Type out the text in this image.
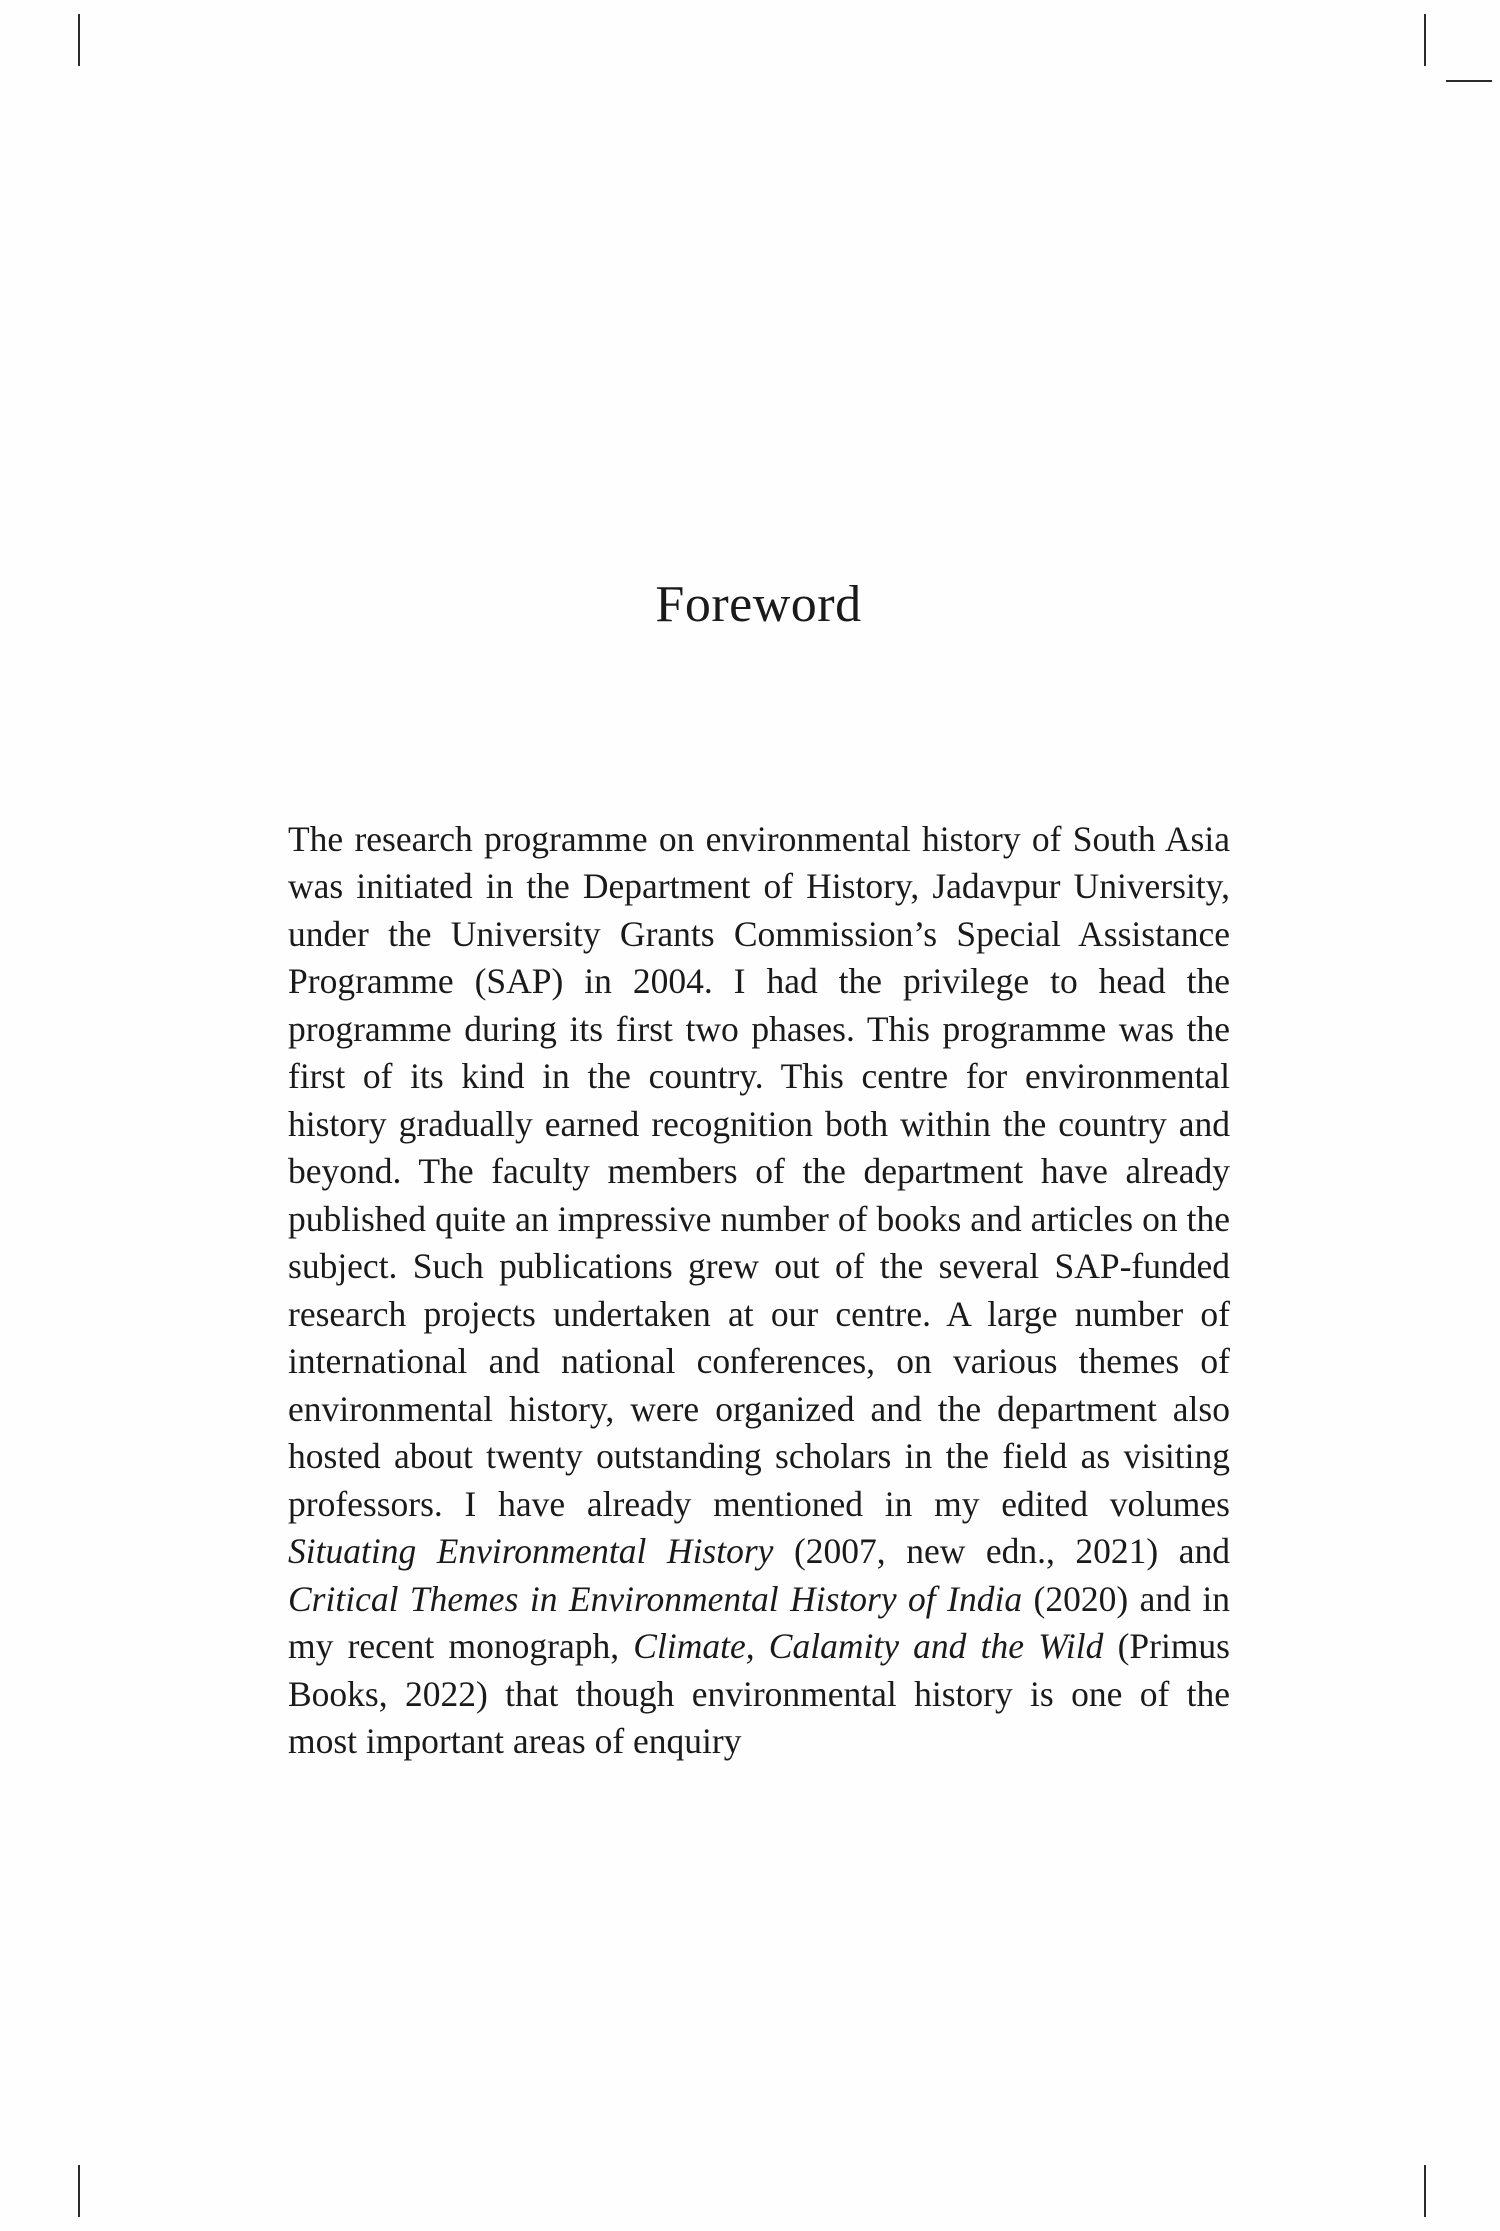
Foreword

The research programme on environmental history of South Asia was initiated in the Department of History, Jadavpur University, under the University Grants Commission’s Special Assistance Programme (SAP) in 2004. I had the privilege to head the programme during its first two phases. This programme was the first of its kind in the country. This centre for environmental history gradually earned recognition both within the country and beyond. The faculty members of the department have already published quite an impressive number of books and articles on the subject. Such publications grew out of the several SAP-funded research projects undertaken at our centre. A large number of international and national conferences, on various themes of environmental history, were organized and the department also hosted about twenty outstanding scholars in the field as visiting professors. I have already mentioned in my edited volumes Situating Environmental History (2007, new edn., 2021) and Critical Themes in Environmental History of India (2020) and in my recent monograph, Climate, Calamity and the Wild (Primus Books, 2022) that though environmental history is one of the most important areas of enquiry
